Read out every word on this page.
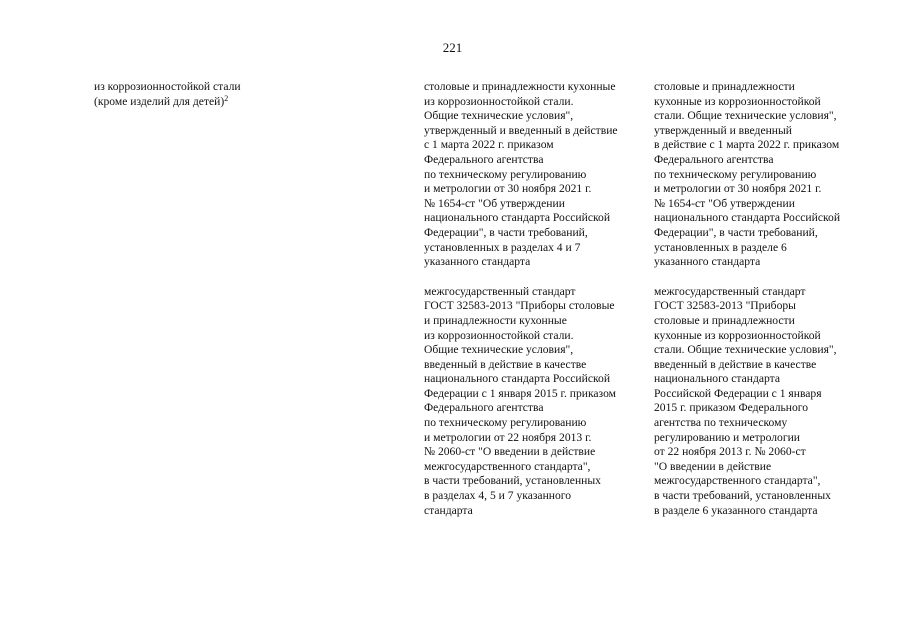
221
из коррозионностойкой стали
(кроме изделий для детей)$^2$
столовые и принадлежности кухонные
из коррозионностойкой стали.
Общие технические условия",
утвержденный и введенный в действие
с 1 марта 2022 г. приказом
Федерального агентства
по техническому регулированию
и метрологии от 30 ноября 2021 г.
№ 1654-ст "Об утверждении
национального стандарта Российской
Федерации", в части требований,
установленных в разделах 4 и 7
указанного стандарта
межгосударственный стандарт
ГОСТ 32583-2013 "Приборы столовые
и принадлежности кухонные
из коррозионностойкой стали.
Общие технические условия",
введенный в действие в качестве
национального стандарта Российской
Федерации с 1 января 2015 г. приказом
Федерального агентства
по техническому регулированию
и метрологии от 22 ноября 2013 г.
№ 2060-ст "О введении в действие
межгосударственного стандарта",
в части требований, установленных
в разделах 4, 5 и 7 указанного
стандарта
столовые и принадлежности
кухонные из коррозионностойкой
стали. Общие технические условия",
утвержденный и введенный
в действие с 1 марта 2022 г. приказом
Федерального агентства
по техническому регулированию
и метрологии от 30 ноября 2021 г.
№ 1654-ст "Об утверждении
национального стандарта Российской
Федерации", в части требований,
установленных в разделе 6
указанного стандарта
межгосударственный стандарт
ГОСТ 32583-2013 "Приборы
столовые и принадлежности
кухонные из коррозионностойкой
стали. Общие технические условия",
введенный в действие в качестве
национального стандарта
Российской Федерации с 1 января
2015 г. приказом Федерального
агентства по техническому
регулированию и метрологии
от 22 ноября 2013 г. № 2060-ст
"О введении в действие
межгосударственного стандарта",
в части требований, установленных
в разделе 6 указанного стандарта
